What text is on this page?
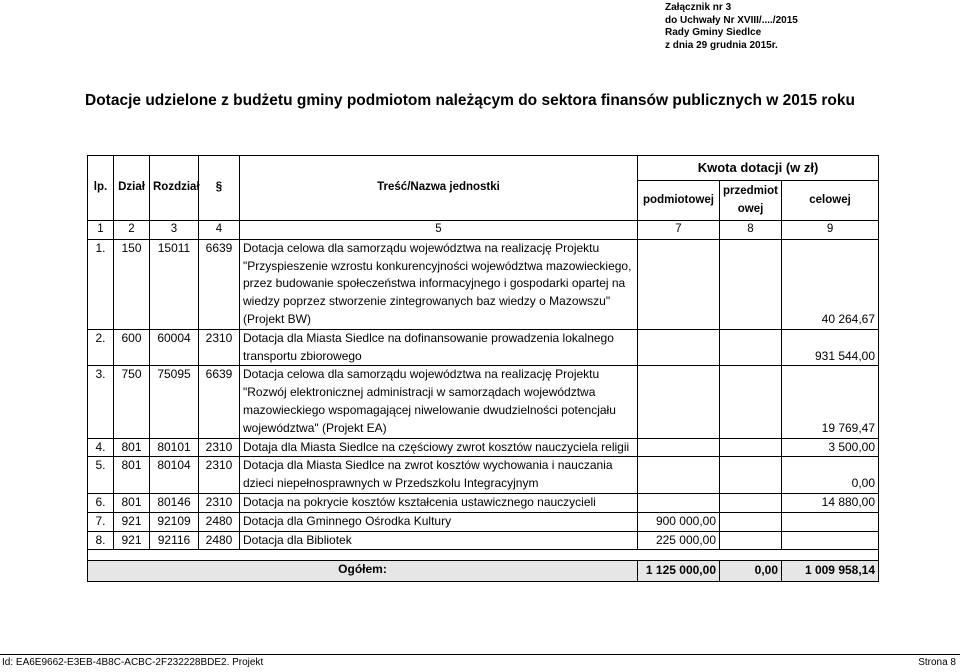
Załącznik nr 3
do Uchwały Nr XVIII/..../2015
Rady Gminy Siedlce
z dnia 29 grudnia 2015r.
Dotacje udzielone z budżetu gminy podmiotom należącym do sektora finansów publicznych w 2015 roku
lp.	Dział	Rozdział	§	Treść/Nazwa jednostki	Kwota dotacji (w zł)		
					podmiotowej	przedmiotowej	celowej
1	2	3	4	5	7	8	9
1.	150	15011	6639	Dotacja celowa dla samorządu województwa na realizację Projektu "Przyspieszenie wzrostu konkurencyjności województwa mazowieckiego, przez budowanie społeczeństwa informacyjnego i gospodarki opartej na wiedzy poprzez stworzenie zintegrowanych baz wiedzy o Mazowszu" (Projekt BW)			40 264,67
2.	600	60004	2310	Dotacja dla Miasta Siedlce na dofinansowanie prowadzenia lokalnego transportu zbiorowego			931 544,00
3.	750	75095	6639	Dotacja celowa dla samorządu województwa na realizację Projektu "Rozwój elektronicznej administracji w samorządach województwa mazowieckiego wspomagającej niwelowanie dwudzielności potencjału województwa" (Projekt EA)			19 769,47
4.	801	80101	2310	Dotaja dla Miasta Siedlce na częściowy zwrot kosztów nauczyciela religii			3 500,00
5.	801	80104	2310	Dotacja dla Miasta Siedlce na zwrot kosztów wychowania i nauczania dzieci niepełnosprawnych w Przedszkolu Integracyjnym			0,00
6.	801	80146	2310	Dotacja na pokrycie kosztów kształcenia ustawicznego nauczycieli			14 880,00
7.	921	92109	2480	Dotacja dla Gminnego Ośrodka Kultury	900 000,00		
8.	921	92116	2480	Dotacja dla Bibliotek	225 000,00		

Ogółem:					1 125 000,00	0,00	1 009 958,14
Id: EA6E9662-E3EB-4B8C-ACBC-2F232228BDE2. Projekt	Strona 8
